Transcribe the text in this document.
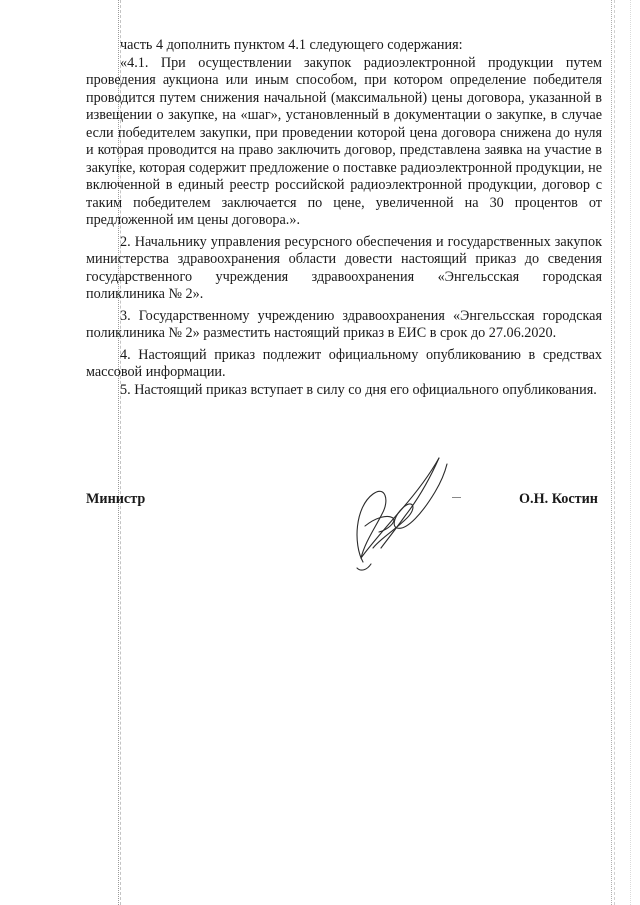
часть 4 дополнить пунктом 4.1 следующего содержания:

«4.1. При осуществлении закупок радиоэлектронной продукции путем проведения аукциона или иным способом, при котором определение победителя проводится путем снижения начальной (максимальной) цены договора, указанной в извещении о закупке, на «шаг», установленный в документации о закупке, в случае если победителем закупки, при проведении которой цена договора снижена до нуля и которая проводится на право заключить договор, представлена заявка на участие в закупке, которая содержит предложение о поставке радиоэлектронной продукции, не включенной в единый реестр российской радиоэлектронной продукции, договор с таким победителем заключается по цене, увеличенной на 30 процентов от предложенной им цены договора.».

2. Начальнику управления ресурсного обеспечения и государственных закупок министерства здравоохранения области довести настоящий приказ до сведения государственного учреждения здравоохранения «Энгельсская городская поликлиника № 2».

3. Государственному учреждению здравоохранения «Энгельсская городская поликлиника № 2» разместить настоящий приказ в ЕИС в срок до 27.06.2020.

4. Настоящий приказ подлежит официальному опубликованию в средствах массовой информации.

5. Настоящий приказ вступает в силу со дня его официального опубликования.

Министр	О.Н. Костин
